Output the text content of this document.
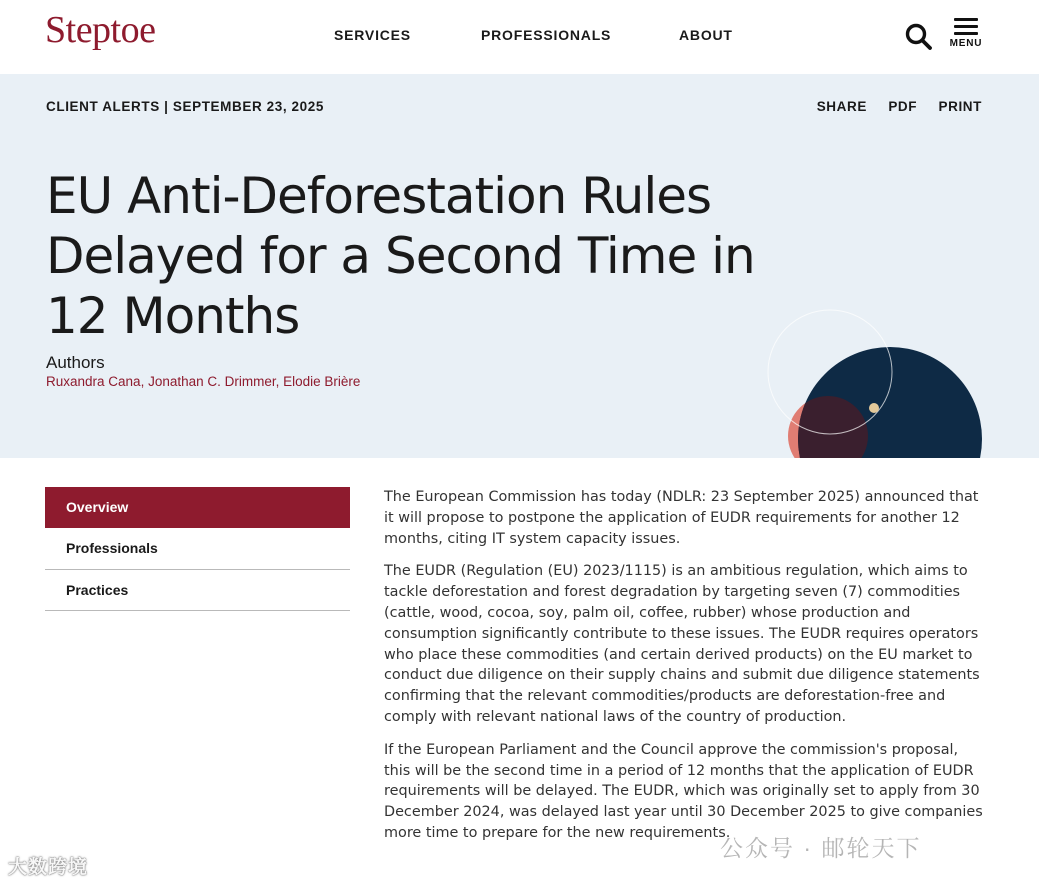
Steptoe	SERVICES	PROFESSIONALS	ABOUT
MENU
CLIENT ALERTS | SEPTEMBER 23, 2025	SHARE PDF PRINT
EU Anti-Deforestation Rules Delayed for a Second Time in 12 Months
Authors
Ruxandra Cana, Jonathan C. Drimmer, Elodie Brière
Overview
Professionals
Practices

The European Commission has today (NDLR: 23 September 2025) announced that it will propose to postpone the application of EUDR requirements for another 12 months, citing IT system capacity issues.

The EUDR (Regulation (EU) 2023/1115) is an ambitious regulation, which aims to tackle deforestation and forest degradation by targeting seven (7) commodities (cattle, wood, cocoa, soy, palm oil, coffee, rubber) whose production and consumption significantly contribute to these issues. The EUDR requires operators who place these commodities (and certain derived products) on the EU market to conduct due diligence on their supply chains and submit due diligence statements confirming that the relevant commodities/products are deforestation-free and comply with relevant national laws of the country of production.

If the European Parliament and the Council approve the commission's proposal, this will be the second time in a period of 12 months that the application of EUDR requirements will be delayed. The EUDR, which was originally set to apply from 30 December 2024, was delayed last year until 30 December 2025 to give companies more time to prepare for the new requirements.

大数跨境
公众号 · 邮轮天下
